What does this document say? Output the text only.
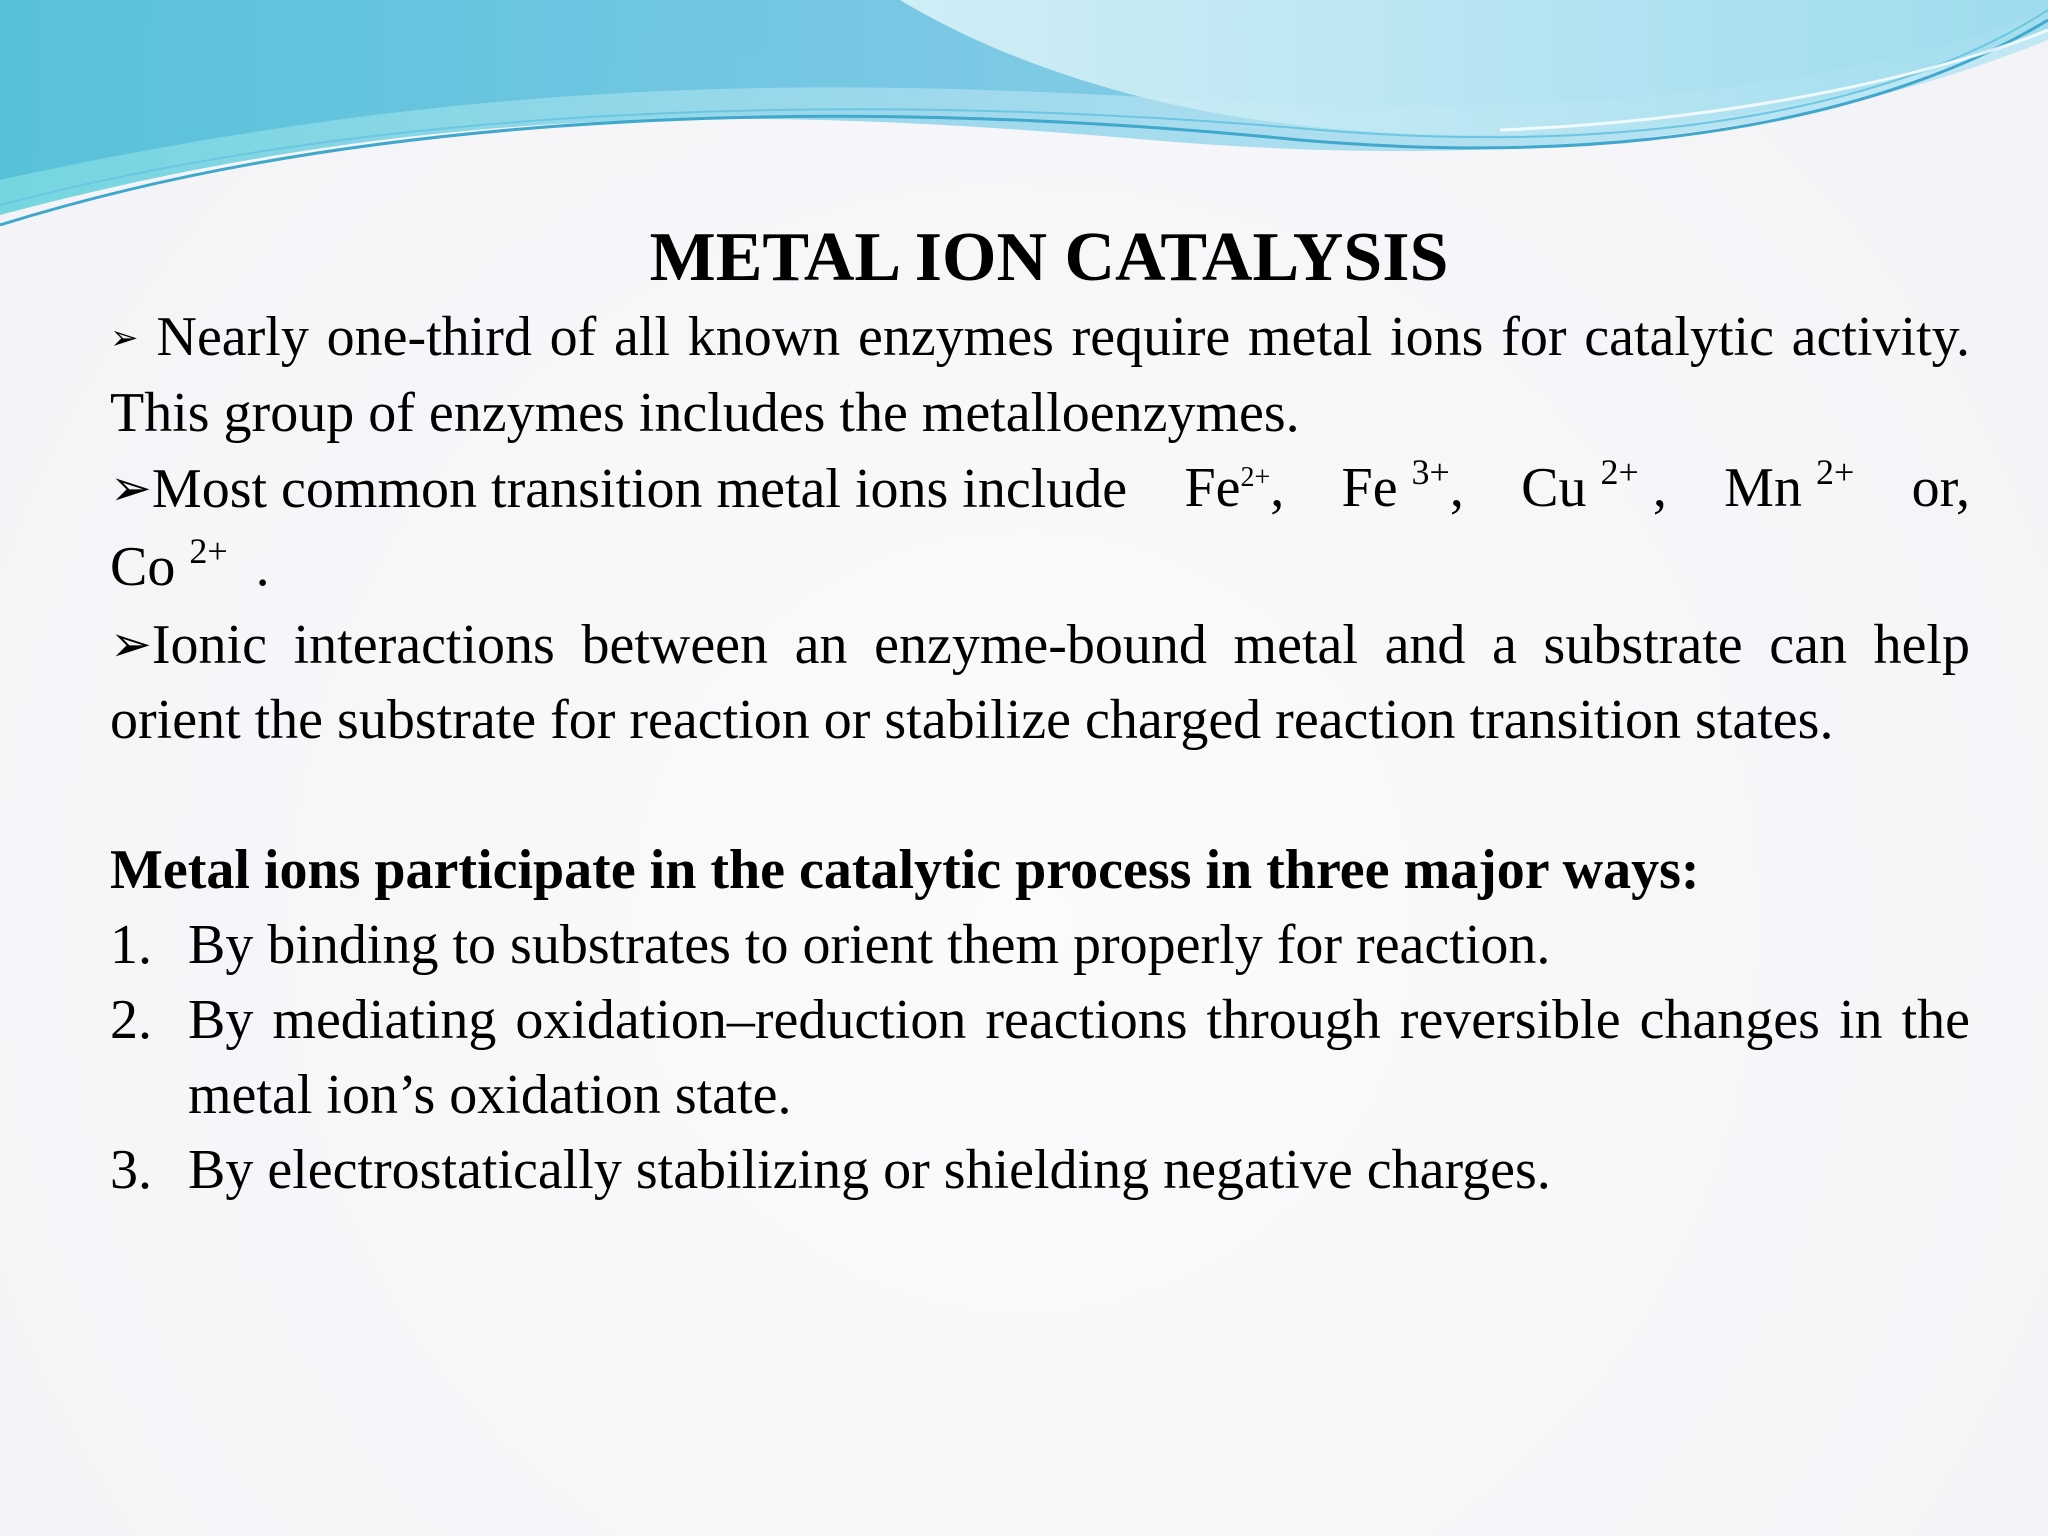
METAL ION CATALYSIS

➢ Nearly one-third of all known enzymes require metal ions for catalytic activity. This group of enzymes includes the metalloenzymes.

➢Most common transition metal ions include $Fe^{2+}$, Fe $^{3+}$, Cu $^{2+}$ , Mn $^{2+}$ or,

Co $^{2+}$ .

➢Ionic interactions between an enzyme-bound metal and a substrate can help orient the substrate for reaction or stabilize charged reaction transition states.

Metal ions participate in the catalytic process in three major ways:

1. By binding to substrates to orient them properly for reaction.
2. By mediating oxidation–reduction reactions through reversible changes in the metal ion’s oxidation state.
3. By electrostatically stabilizing or shielding negative charges.
